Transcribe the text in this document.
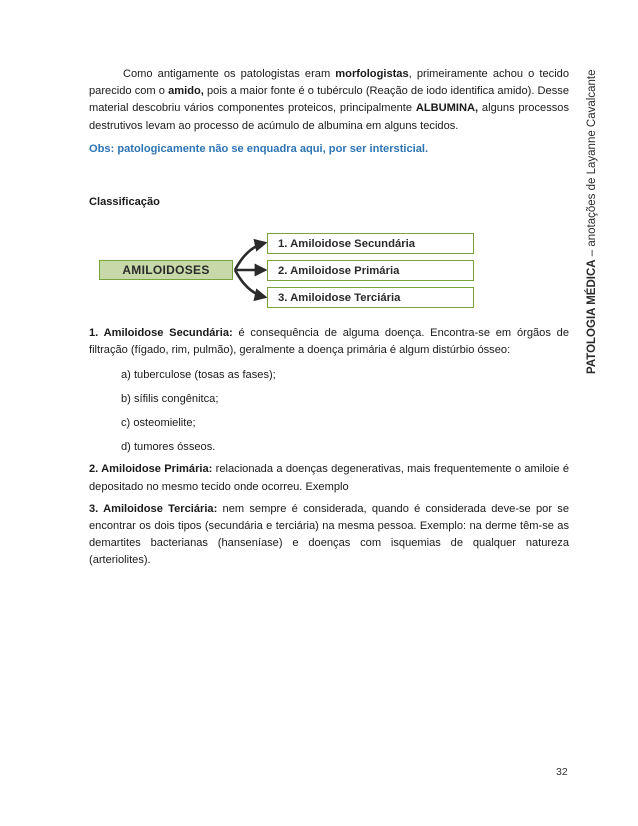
Como antigamente os patologistas eram morfologistas, primeiramente achou o tecido parecido com o amido, pois a maior fonte é o tubérculo (Reação de iodo identifica amido). Desse material descobriu vários componentes proteicos, principalmente ALBUMINA, alguns processos destrutivos levam ao processo de acúmulo de albumina em alguns tecidos.

Obs: patologicamente não se enquadra aqui, por ser intersticial.

Classificação

AMILOIDOSES
1. Amiloidose Secundária
2. Amiloidose Primária
3. Amiloidose Terciária

1. Amiloidose Secundária: é consequência de alguma doença. Encontra-se em órgãos de filtração (fígado, rim, pulmão), geralmente a doença primária é algum distúrbio ósseo:

a) tuberculose (tosas as fases);

b) sífilis congênitca;

c) osteomielite;

d) tumores ósseos.

2. Amiloidose Primária: relacionada a doenças degenerativas, mais frequentemente o amiloie é depositado no mesmo tecido onde ocorreu. Exemplo

3. Amiloidose Terciária: nem sempre é considerada, quando é considerada deve-se por se encontrar os dois tipos (secundária e terciária) na mesma pessoa. Exemplo: na derme têm-se as demartites bacterianas (hanseníase) e doenças com isquemias de qualquer natureza (arteriolites).

PATOLOGIA MÉDICA – anotações de Layanne Cavalcante
32
